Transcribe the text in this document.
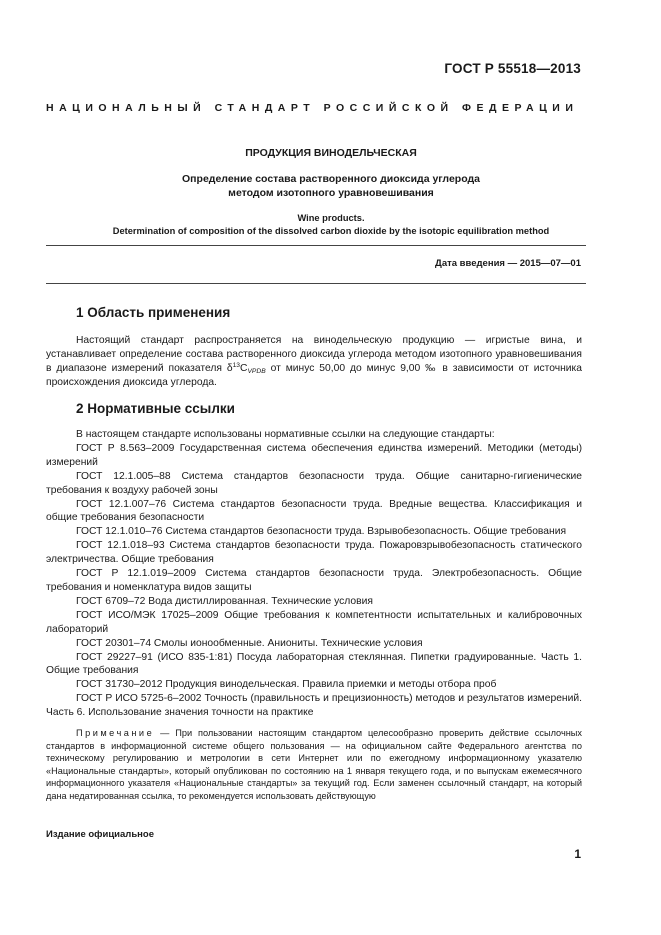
ГОСТ Р 55518—2013
НАЦИОНАЛЬНЫЙ СТАНДАРТ РОССИЙСКОЙ ФЕДЕРАЦИИ
ПРОДУКЦИЯ ВИНОДЕЛЬЧЕСКАЯ
Определение состава растворенного диоксида углерода
методом изотопного уравновешивания
Wine products.
Determination of composition of the dissolved carbon dioxide by the isotopic equilibration method
Дата введения — 2015—07—01
1 Область применения

Настоящий стандарт распространяется на винодельческую продукцию — игристые вина, и устанавливает определение состава растворенного диоксида углерода методом изотопного уравновешивания в диапазоне измерений показателя $\delta^{13}C_{VPDB}$ от минус 50,00 до минус 9,00 ‰ в зависимости от источника происхождения диоксида углерода.

2 Нормативные ссылки

В настоящем стандарте использованы нормативные ссылки на следующие стандарты:

ГОСТ Р 8.563–2009 Государственная система обеспечения единства измерений. Методики (методы) измерений

ГОСТ 12.1.005–88 Система стандартов безопасности труда. Общие санитарно-гигиенические требования к воздуху рабочей зоны

ГОСТ 12.1.007–76 Система стандартов безопасности труда. Вредные вещества. Классификация и общие требования безопасности

ГОСТ 12.1.010–76 Система стандартов безопасности труда. Взрывобезопасность. Общие требования

ГОСТ 12.1.018–93 Система стандартов безопасности труда. Пожаровзрывобезопасность статического электричества. Общие требования

ГОСТ Р 12.1.019–2009 Система стандартов безопасности труда. Электробезопасность. Общие требования и номенклатура видов защиты

ГОСТ 6709–72 Вода дистиллированная. Технические условия

ГОСТ ИСО/МЭК 17025–2009 Общие требования к компетентности испытательных и калибровочных лабораторий

ГОСТ 20301–74 Смолы ионообменные. Аниониты. Технические условия

ГОСТ 29227–91 (ИСО 835-1:81) Посуда лабораторная стеклянная. Пипетки градуированные. Часть 1. Общие требования

ГОСТ 31730–2012 Продукция винодельческая. Правила приемки и методы отбора проб

ГОСТ Р ИСО 5725-6–2002 Точность (правильность и прецизионность) методов и результатов измерений. Часть 6. Использование значения точности на практике

Примечание — При пользовании настоящим стандартом целесообразно проверить действие ссылочных стандартов в информационной системе общего пользования — на официальном сайте Федерального агентства по техническому регулированию и метрологии в сети Интернет или по ежегодному информационному указателю «Национальные стандарты», который опубликован по состоянию на 1 января текущего года, и по выпускам ежемесячного информационного указателя «Национальные стандарты» за текущий год. Если заменен ссылочный стандарт, на который дана недатированная ссылка, то рекомендуется использовать действующую
Издание официальное
1
